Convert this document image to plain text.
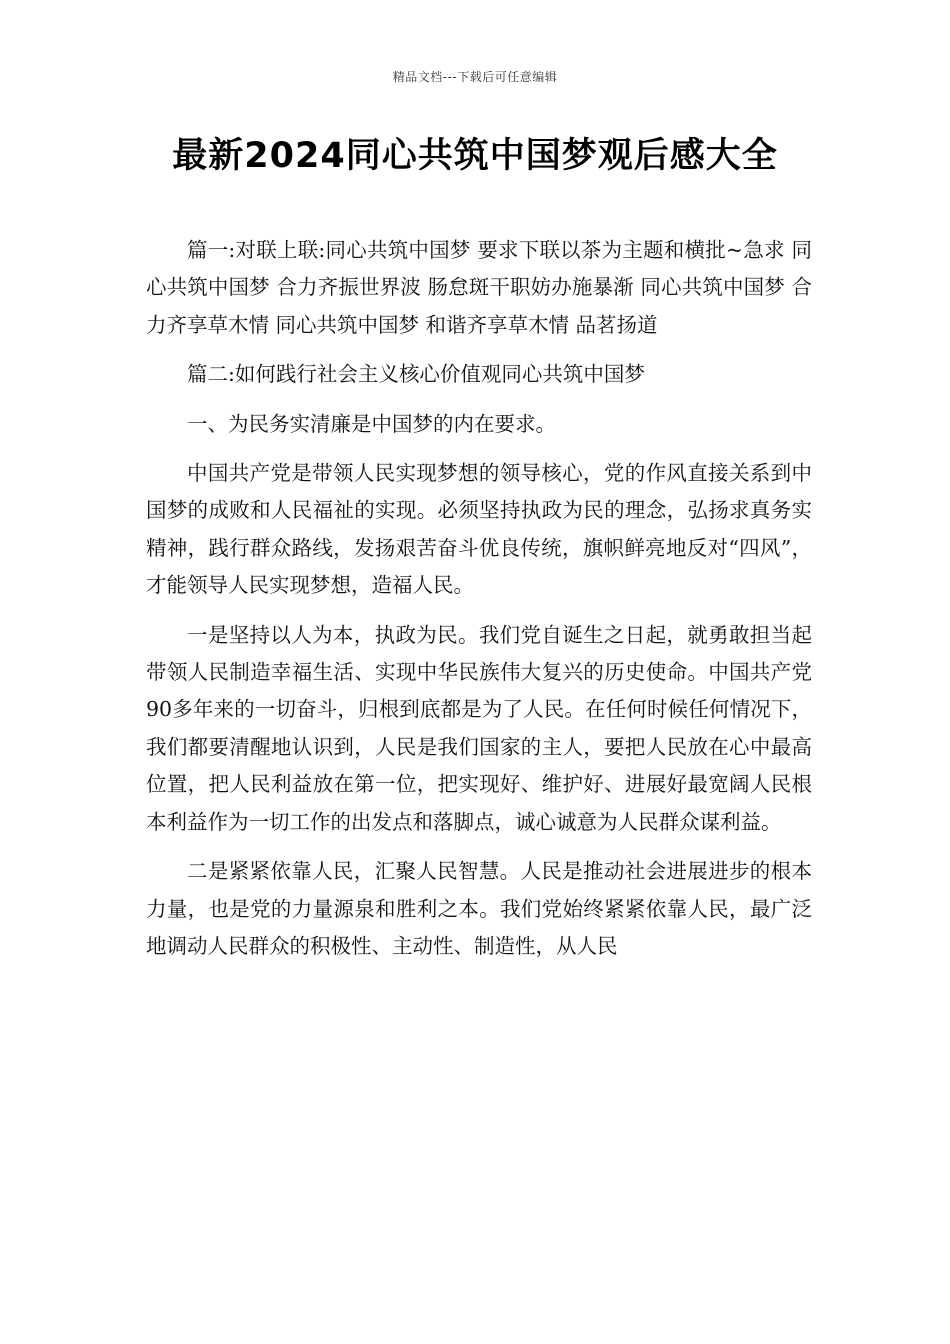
精品文档---下载后可任意编辑
最新2024同心共筑中国梦观后感大全

篇一:对联上联:同心共筑中国梦 要求下联以茶为主题和横批~急求 同心共筑中国梦 合力齐振世界波 肠怠斑干职妨办施暴渐 同心共筑中国梦 合力齐享草木情 同心共筑中国梦 和谐齐享草木情 品茗扬道

篇二:如何践行社会主义核心价值观同心共筑中国梦

一、为民务实清廉是中国梦的内在要求。

中国共产党是带领人民实现梦想的领导核心，党的作风直接关系到中国梦的成败和人民福祉的实现。必须坚持执政为民的理念，弘扬求真务实精神，践行群众路线，发扬艰苦奋斗优良传统，旗帜鲜亮地反对“四风”，才能领导人民实现梦想，造福人民。

一是坚持以人为本，执政为民。我们党自诞生之日起，就勇敢担当起带领人民制造幸福生活、实现中华民族伟大复兴的历史使命。中国共产党90多年来的一切奋斗，归根到底都是为了人民。在任何时候任何情况下，我们都要清醒地认识到，人民是我们国家的主人，要把人民放在心中最高位置，把人民利益放在第一位，把实现好、维护好、进展好最宽阔人民根本利益作为一切工作的出发点和落脚点，诚心诚意为人民群众谋利益。

二是紧紧依靠人民，汇聚人民智慧。人民是推动社会进展进步的根本力量，也是党的力量源泉和胜利之本。我们党始终紧紧依靠人民，最广泛地调动人民群众的积极性、主动性、制造性，从人民
